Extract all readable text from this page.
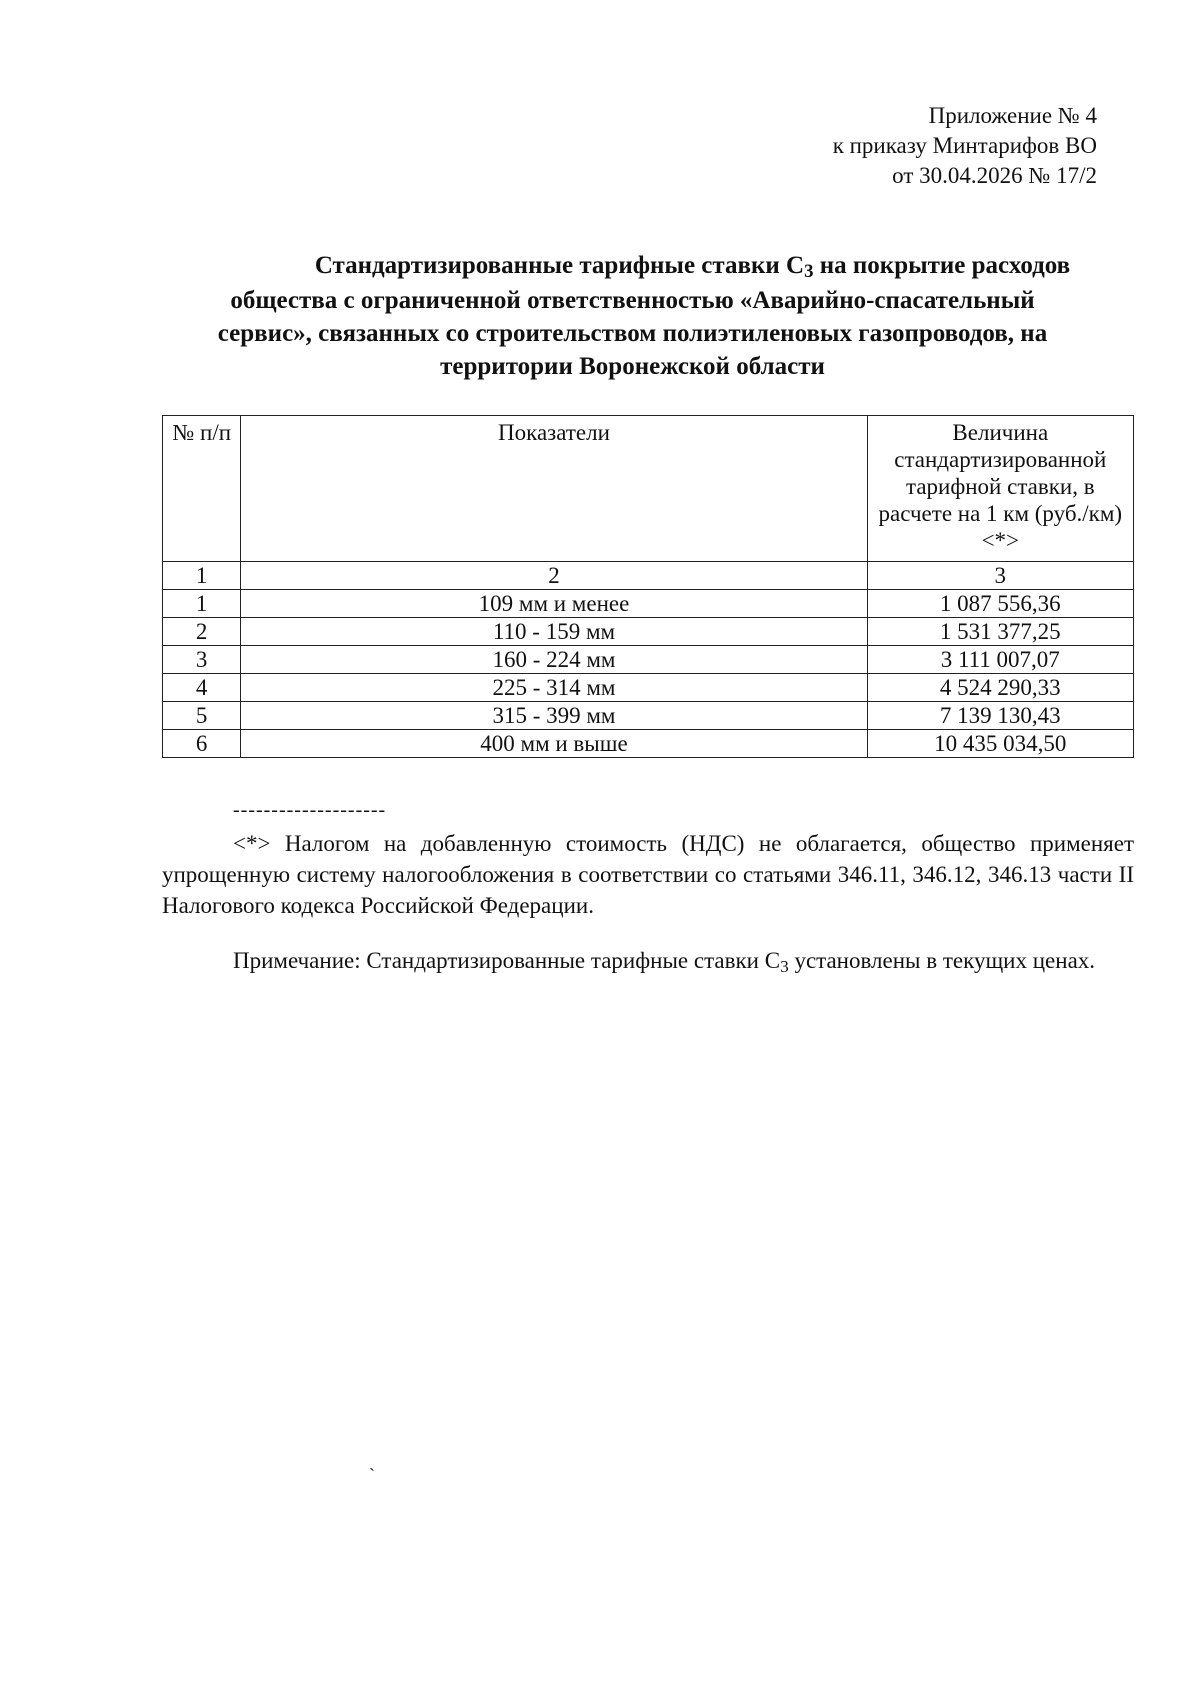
Приложение № 4
к приказу Минтарифов ВО
от 30.04.2026 № 17/2
Стандартизированные тарифные ставки $С_3$ на покрытие расходов
общества с ограниченной ответственностью «Аварийно-спасательный
сервис», связанных со строительством полиэтиленовых газопроводов, на
территории Воронежской области
№ п/п	Показатели	Величина стандартизированной тарифной ставки, в расчете на 1 км (руб./км) <*>
1	2	3
1	109 мм и менее	1 087 556,36
2	110 - 159 мм	1 531 377,25
3	160 - 224 мм	3 111 007,07
4	225 - 314 мм	4 524 290,33
5	315 - 399 мм	7 139 130,43
6	400 мм и выше	10 435 034,50
--------------------
<*> Налогом на добавленную стоимость (НДС) не облагается, общество применяет упрощенную систему налогообложения в соответствии со статьями 346.11, 346.12, 346.13 части II Налогового кодекса Российской Федерации.
Примечание: Стандартизированные тарифные ставки $С_3$ установлены в текущих ценах.
ˋ
